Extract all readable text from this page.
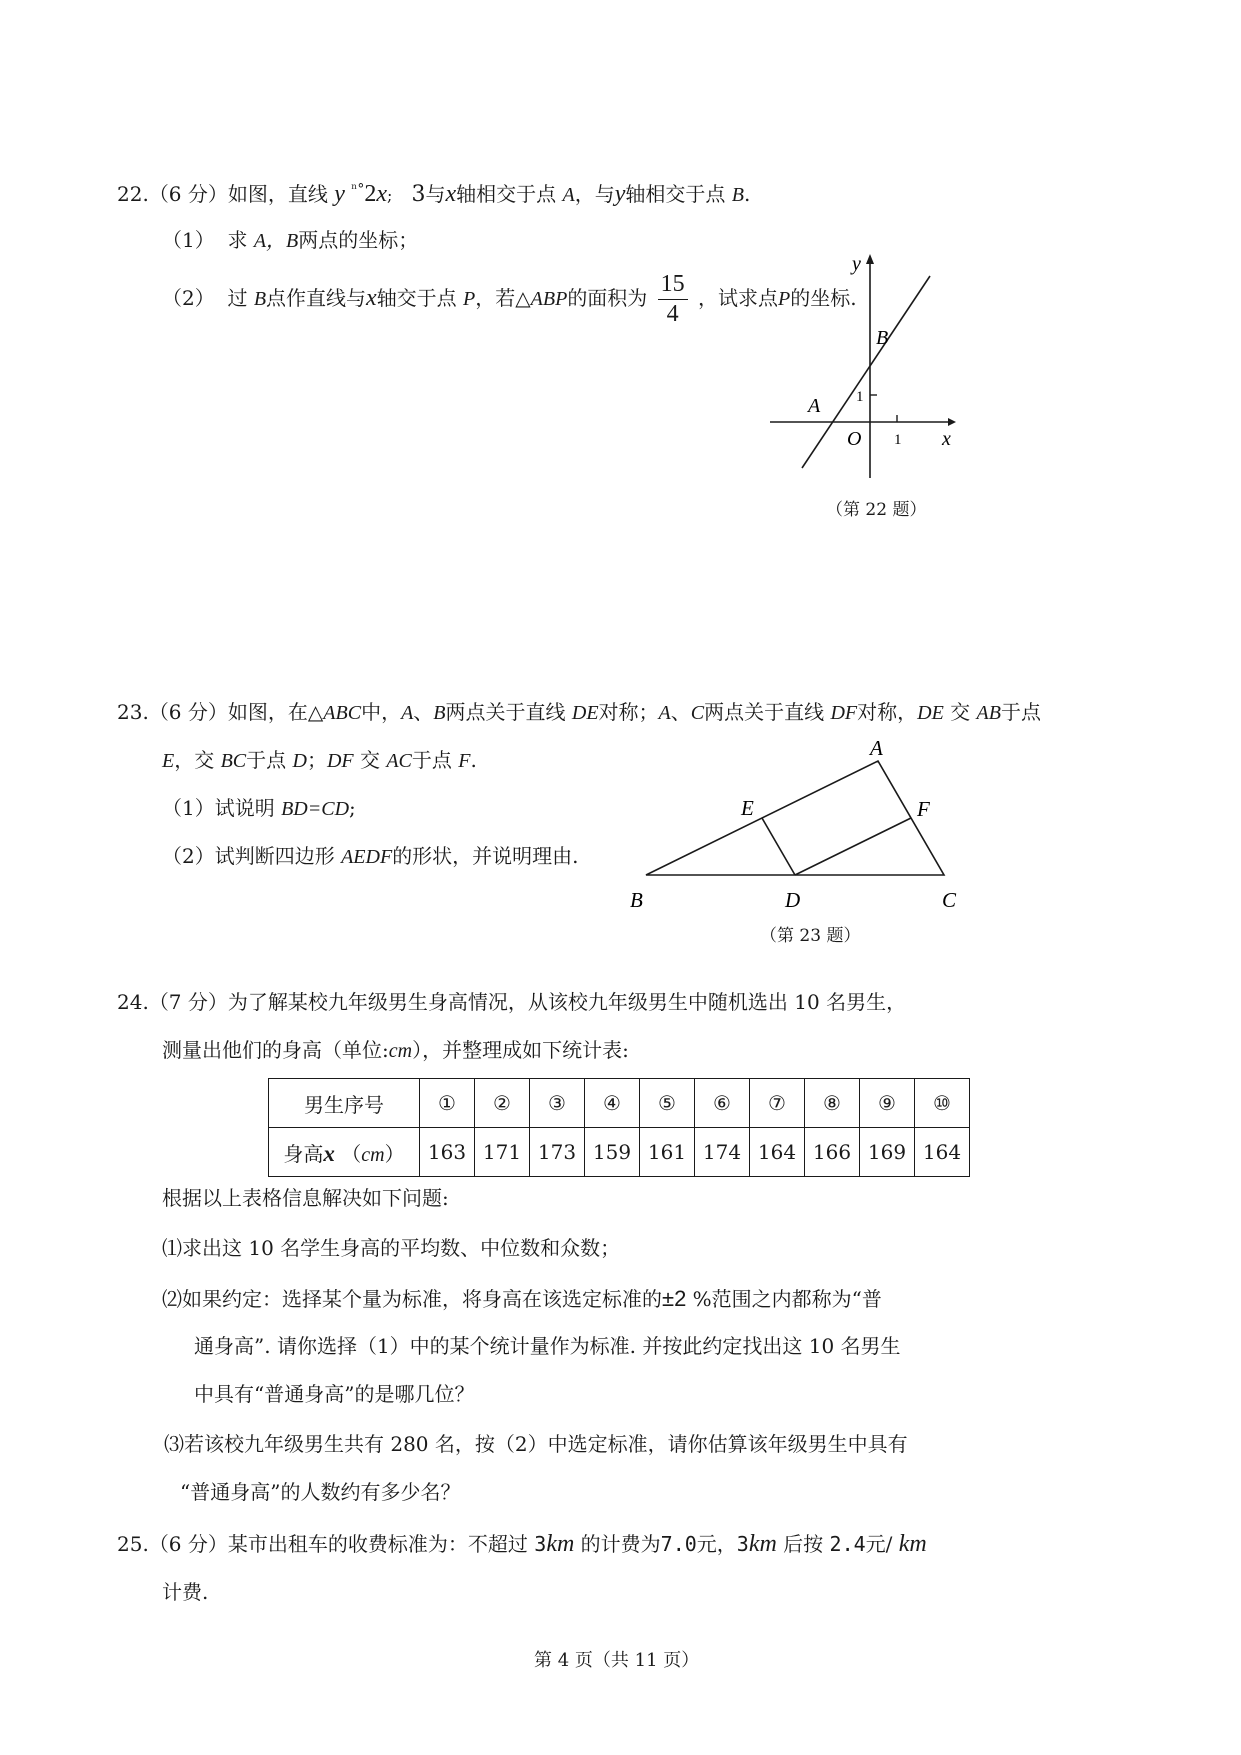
22.（6 分）如图，直线 y $^{^n^\circ}$2x; 3与x轴相交于点 A，与y轴相交于点 B.
（1） 求 A，B两点的坐标；
（2） 过 B点作直线与x轴交于点 P，若△ABP的面积为 $\frac{15}{4}$ ，试求点P的坐标.
y
x
B
A
O
1
1
（第 22 题）
23.（6 分）如图，在△ABC中，A、B两点关于直线 DE对称；A、C两点关于直线 DF对称，DE 交 AB于点
E，交 BC于点 D；DF 交 AC于点 F.
（1）试说明 BD=CD;
（2）试判断四边形 AEDF的形状，并说明理由.
A
B	C
D
E	F
（第 23 题）
24.（7 分）为了解某校九年级男生身高情况，从该校九年级男生中随机选出 10 名男生，
测量出他们的身高（单位:cm），并整理成如下统计表:
男生序号	①	②	③	④	⑤	⑥	⑦	⑧	⑨	⑩
身高x （cm）	163	171	173	159	161	174	164	166	169	164
根据以上表格信息解决如下问题:
⑴求出这 10 名学生身高的平均数、中位数和众数；
⑵如果约定：选择某个量为标准，将身高在该选定标准的±2 %范围之内都称为“普
通身高”. 请你选择（1）中的某个统计量作为标准. 并按此约定找出这 10 名男生
中具有“普通身高”的是哪几位？
⑶若该校九年级男生共有 280 名，按（2）中选定标准，请你估算该年级男生中具有
“普通身高”的人数约有多少名？
25.（6 分）某市出租车的收费标准为：不超过 3km 的计费为7.0元，3km 后按 2.4元/ km
计费.
第 4 页（共 11 页）
